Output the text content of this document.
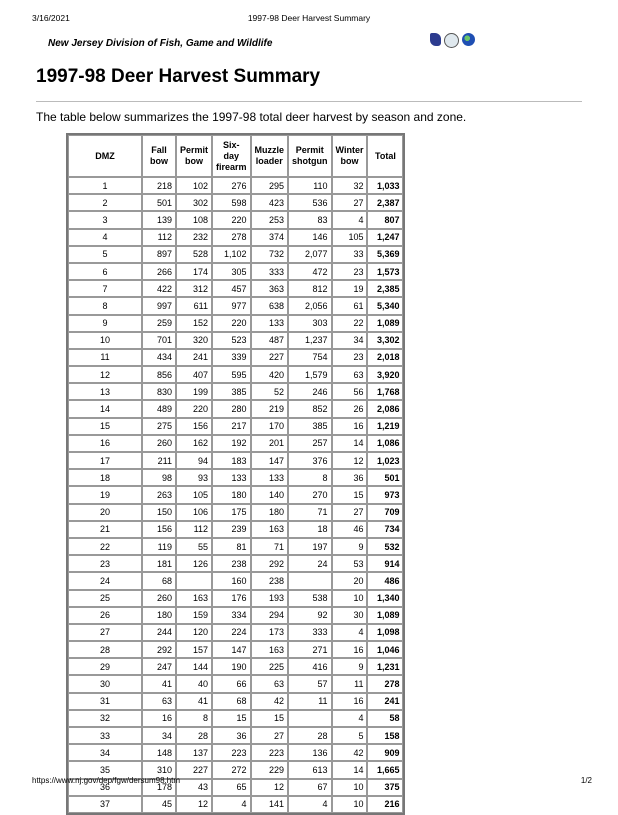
3/16/2021	1997-98 Deer Harvest Summary
New Jersey Division of Fish, Game and Wildlife
1997-98 Deer Harvest Summary

The table below summarizes the 1997-98 total deer harvest by season and zone.

DMZ	Fall bow	Permit bow	Six-day firearm	Muzzle loader	Permit shotgun	Winter bow	Total
1	218	102	276	295	110	32	1,033
2	501	302	598	423	536	27	2,387
3	139	108	220	253	83	4	807
4	112	232	278	374	146	105	1,247
5	897	528	1,102	732	2,077	33	5,369
6	266	174	305	333	472	23	1,573
7	422	312	457	363	812	19	2,385
8	997	611	977	638	2,056	61	5,340
9	259	152	220	133	303	22	1,089
10	701	320	523	487	1,237	34	3,302
11	434	241	339	227	754	23	2,018
12	856	407	595	420	1,579	63	3,920
13	830	199	385	52	246	56	1,768
14	489	220	280	219	852	26	2,086
15	275	156	217	170	385	16	1,219
16	260	162	192	201	257	14	1,086
17	211	94	183	147	376	12	1,023
18	98	93	133	133	8	36	501
19	263	105	180	140	270	15	973
20	150	106	175	180	71	27	709
21	156	112	239	163	18	46	734
22	119	55	81	71	197	9	532
23	181	126	238	292	24	53	914
24	68		160	238		20	486
25	260	163	176	193	538	10	1,340
26	180	159	334	294	92	30	1,089
27	244	120	224	173	333	4	1,098
28	292	157	147	163	271	16	1,046
29	247	144	190	225	416	9	1,231
30	41	40	66	63	57	11	278
31	63	41	68	42	11	16	241
32	16	8	15	15		4	58
33	34	28	36	27	28	5	158
34	148	137	223	223	136	42	909
35	310	227	272	229	613	14	1,665
36	178	43	65	12	67	10	375
37	45	12	4	141	4	10	216
https://www.nj.gov/dep/fgw/dersum98.htm	1/2
